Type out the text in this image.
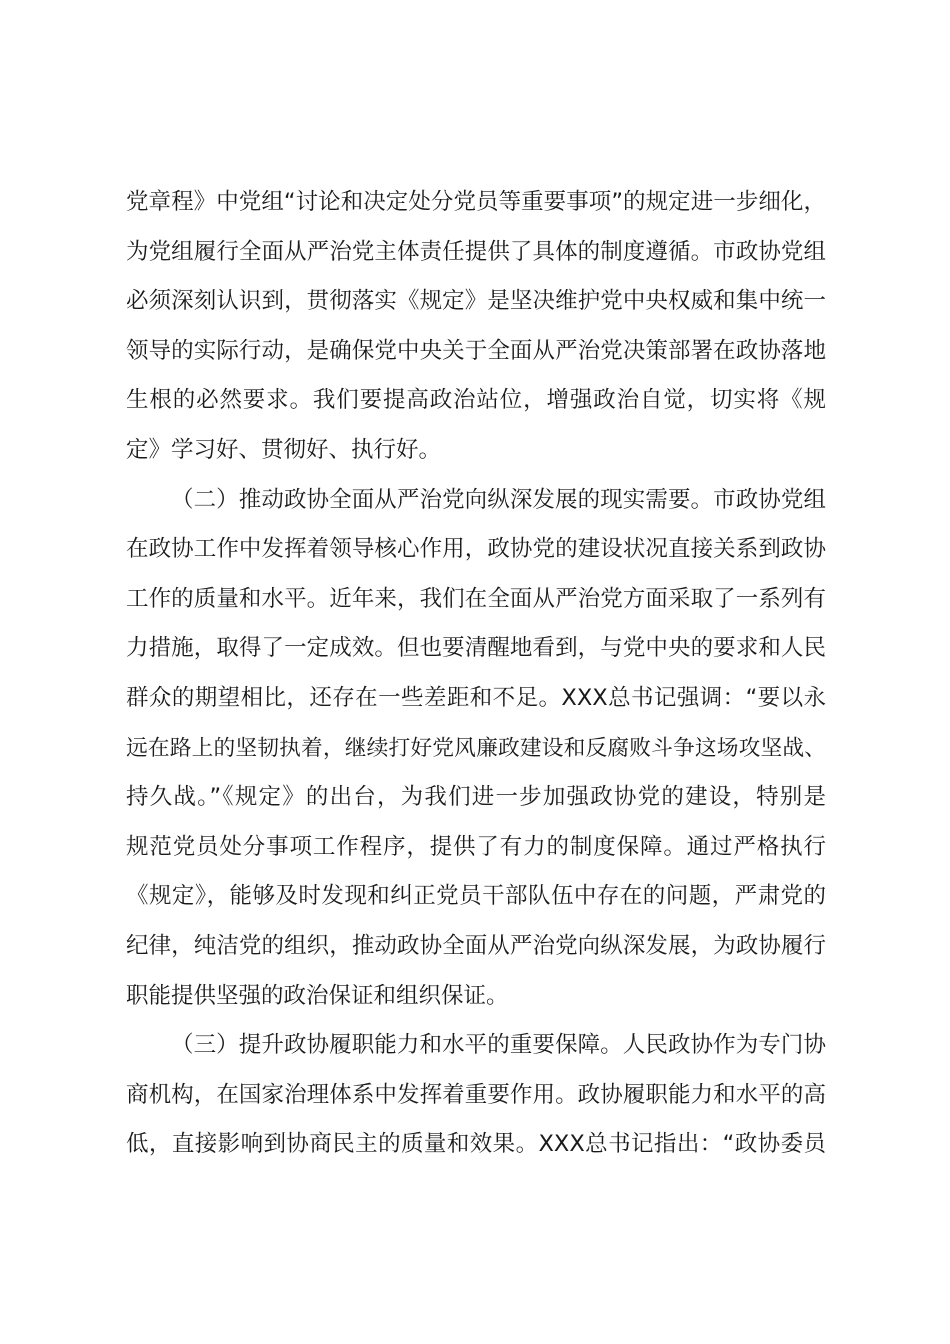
党章程》中党组“讨论和决定处分党员等重要事项”的规定进一步细化，
为党组履行全面从严治党主体责任提供了具体的制度遵循。市政协党组
必须深刻认识到，贯彻落实《规定》是坚决维护党中央权威和集中统一
领导的实际行动，是确保党中央关于全面从严治党决策部署在政协落地
生根的必然要求。我们要提高政治站位，增强政治自觉，切实将《规
定》学习好、贯彻好、执行好。
（二）推动政协全面从严治党向纵深发展的现实需要。市政协党组
在政协工作中发挥着领导核心作用，政协党的建设状况直接关系到政协
工作的质量和水平。近年来，我们在全面从严治党方面采取了一系列有
力措施，取得了一定成效。但也要清醒地看到，与党中央的要求和人民
群众的期望相比，还存在一些差距和不足。XXX总书记强调：“要以永
远在路上的坚韧执着，继续打好党风廉政建设和反腐败斗争这场攻坚战、
持久战。”《规定》的出台，为我们进一步加强政协党的建设，特别是
规范党员处分事项工作程序，提供了有力的制度保障。通过严格执行
《规定》，能够及时发现和纠正党员干部队伍中存在的问题，严肃党的
纪律，纯洁党的组织，推动政协全面从严治党向纵深发展，为政协履行
职能提供坚强的政治保证和组织保证。
（三）提升政协履职能力和水平的重要保障。人民政协作为专门协
商机构，在国家治理体系中发挥着重要作用。政协履职能力和水平的高
低，直接影响到协商民主的质量和效果。XXX总书记指出：“政协委员
